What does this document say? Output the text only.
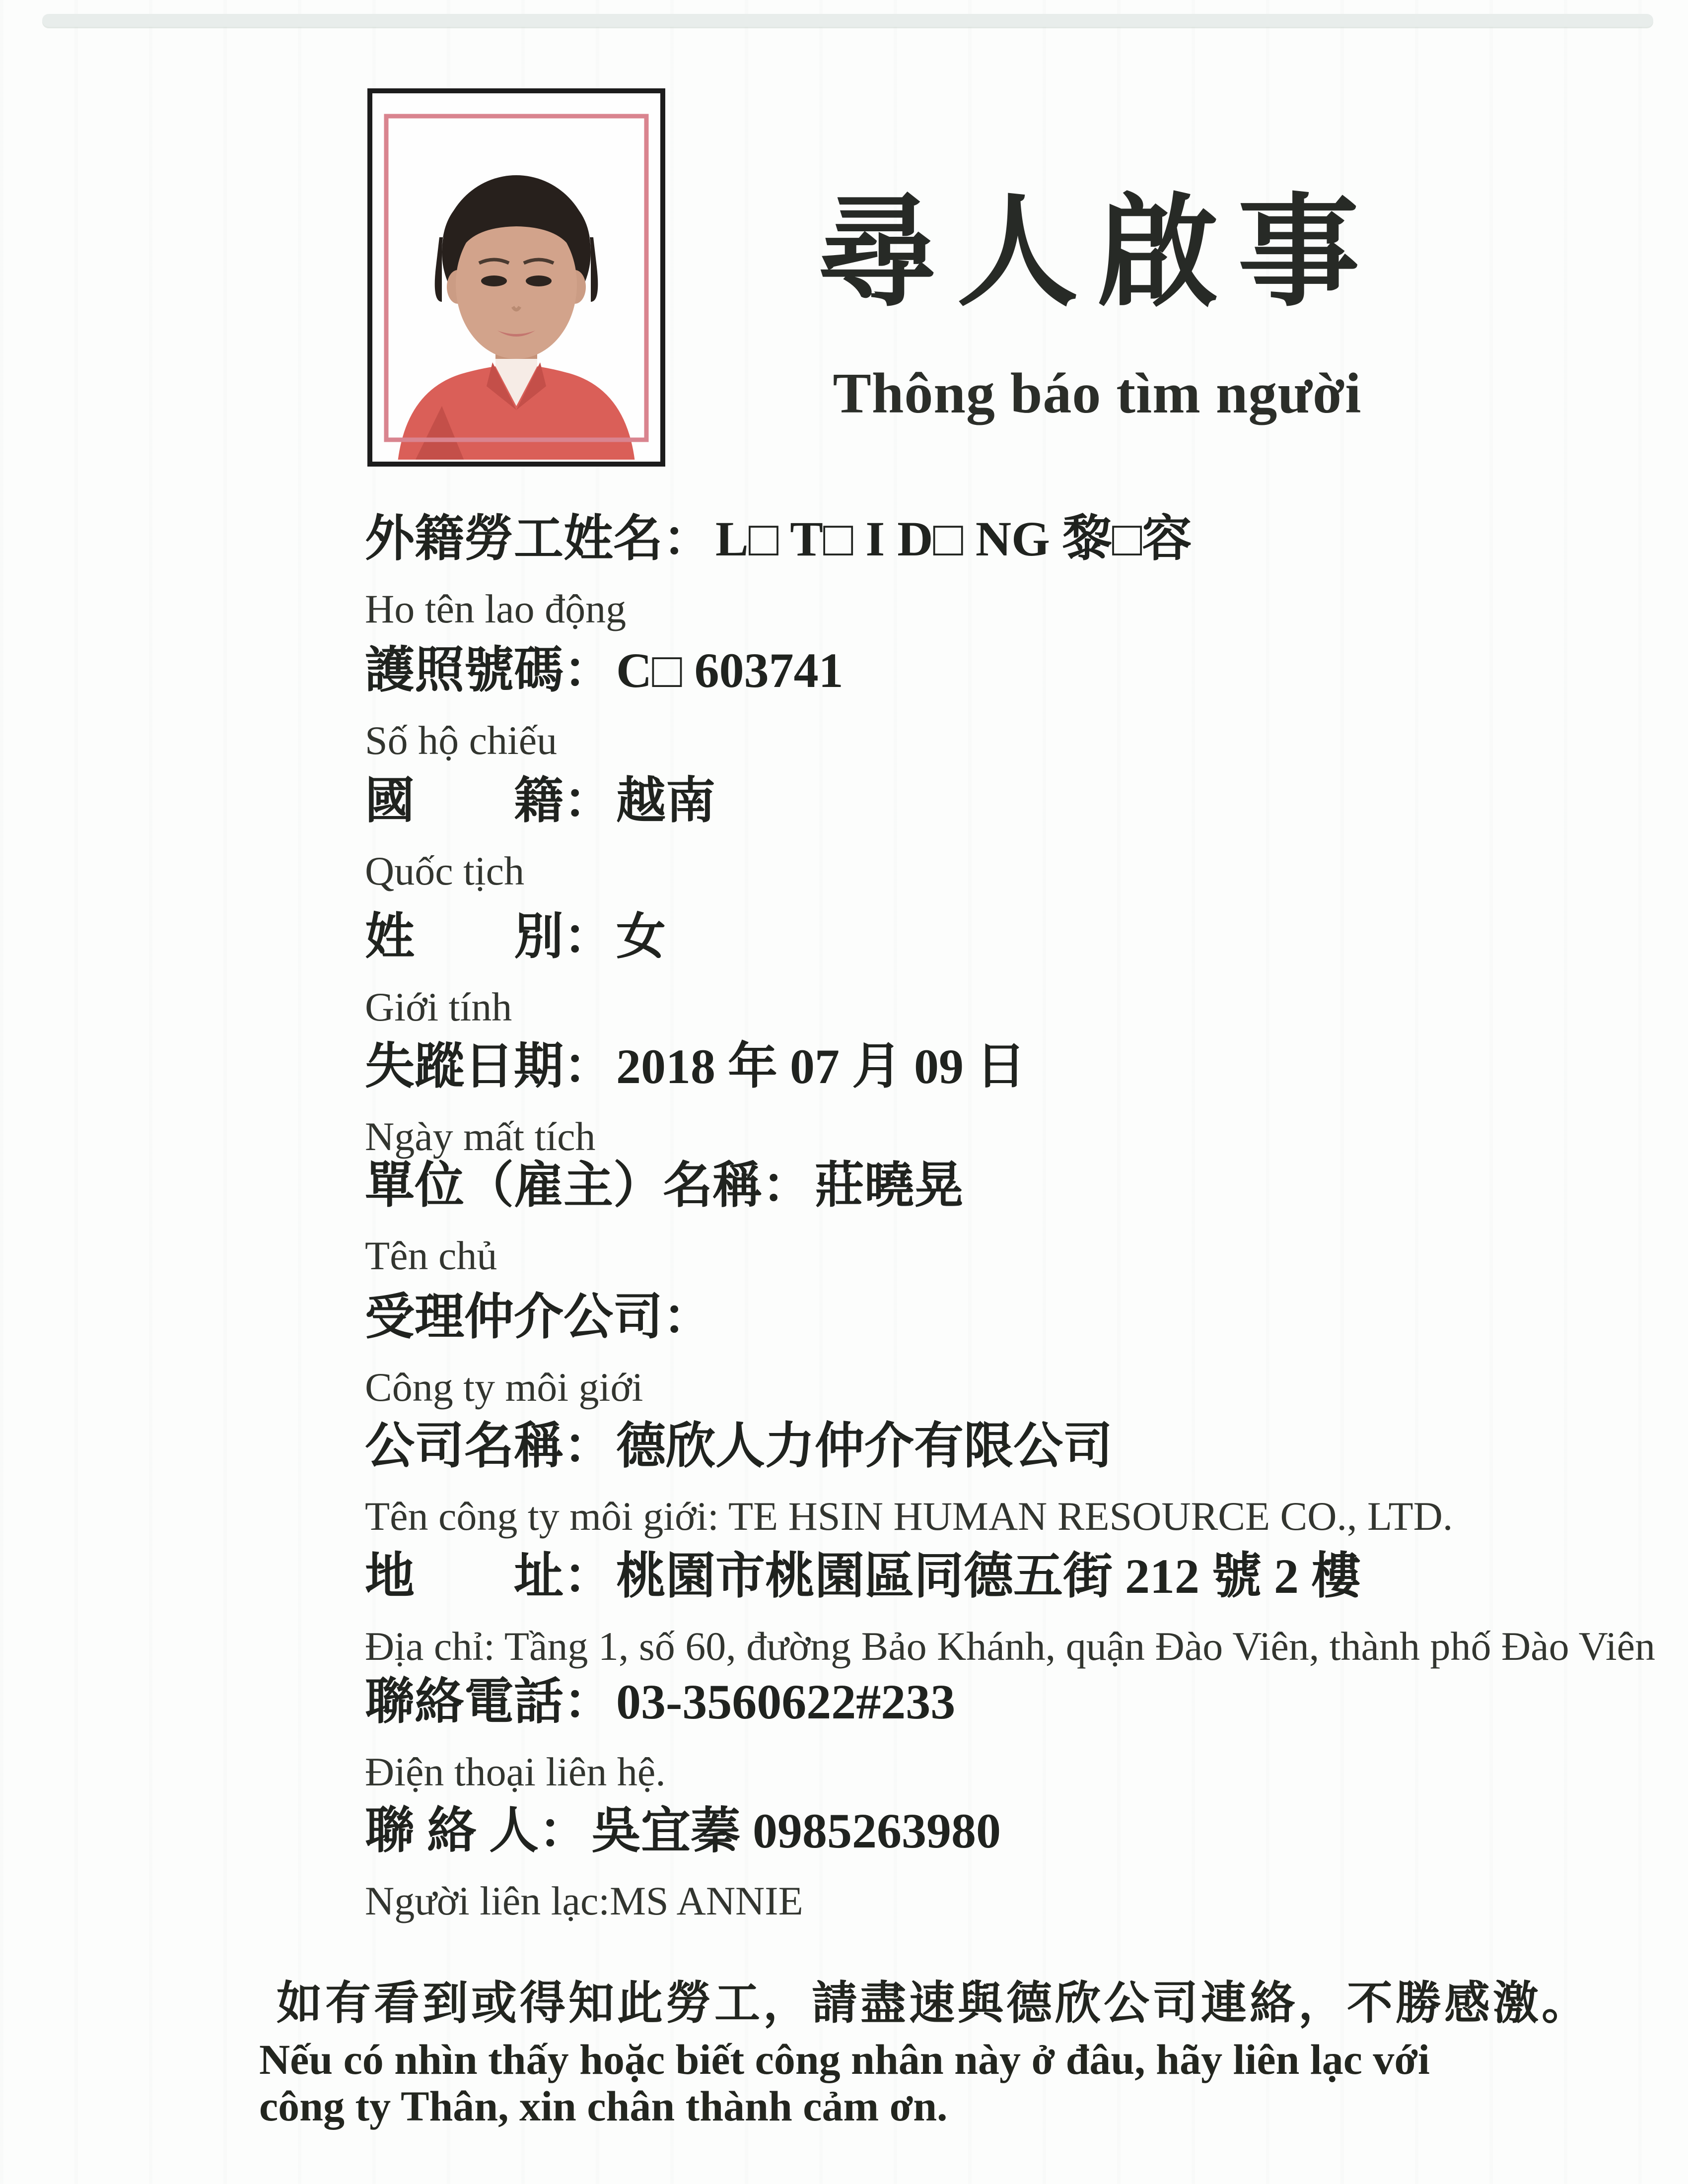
尋人啟事
Thông báo tìm người
外籍勞工姓名：L□ T□ I D□ NG 黎□容
Ho tên lao động
護照號碼：C□ 603741
Số hộ chiếu
國　　籍：越南
Quốc tịch
姓　　別：女
Giới tính
失蹤日期：2018 年 07 月 09 日
Ngày mất tích
單位（雇主）名稱：莊曉晃
Tên chủ
受理仲介公司：
Công ty môi giới
公司名稱：德欣人力仲介有限公司
Tên công ty môi giới: TE HSIN HUMAN RESOURCE CO., LTD.
地　　址：桃園市桃園區同德五街 212 號 2 樓
Địa chỉ: Tầng 1, số 60, đường Bảo Khánh, quận Đào Viên, thành phố Đào Viên
聯絡電話：03-3560622#233
Điện thoại liên hệ.
聯 絡 人：吳宜蓁 0985263980
Người liên lạc:MS ANNIE
如有看到或得知此勞工，請盡速與德欣公司連絡，不勝感激。
Nếu có nhìn thấy hoặc biết công nhân này ở đâu, hãy liên lạc với
công ty Thân, xin chân thành cảm ơn.
